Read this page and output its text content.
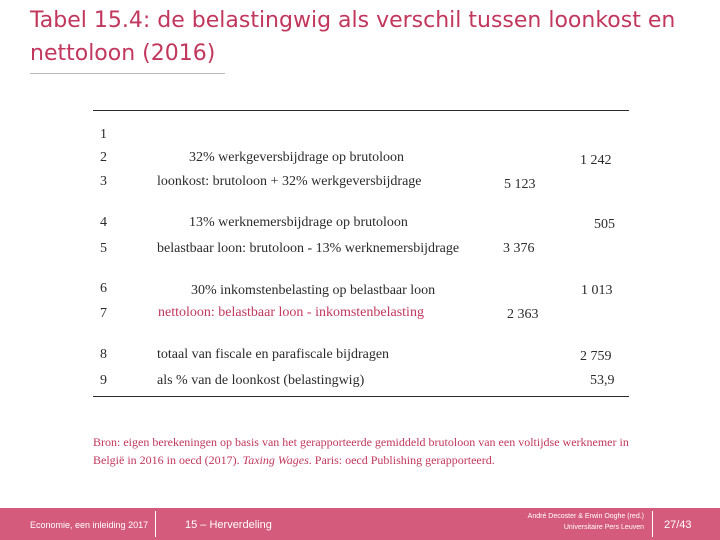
Tabel 15.4: de belastingwig als verschil tussen loonkost en nettoloon (2016)
1
2
3
4
5
6
7
8
9
32% werkgeversbijdrage op brutoloon
loonkost: brutoloon + 32% werkgeversbijdrage
13% werknemersbijdrage op brutoloon
belastbaar loon: brutoloon - 13% werknemersbijdrage
30% inkomstenbelasting op belastbaar loon
nettoloon: belastbaar loon - inkomstenbelasting
totaal van fiscale en parafiscale bijdragen
als % van de loonkost (belastingwig)
1 242
5 123
505
3 376
1 013
2 363
2 759
53,9
Bron: eigen berekeningen op basis van het gerapporteerde gemiddeld brutoloon van een voltijdse werknemer in België in 2016 in oecd (2017). Taxing Wages. Paris: oecd Publishing gerapporteerd.
Economie, een inleiding 2017	15 – Herverdeling
André Decoster & Erwin Ooghe (red.)
Universitaire Pers Leuven 27/43
